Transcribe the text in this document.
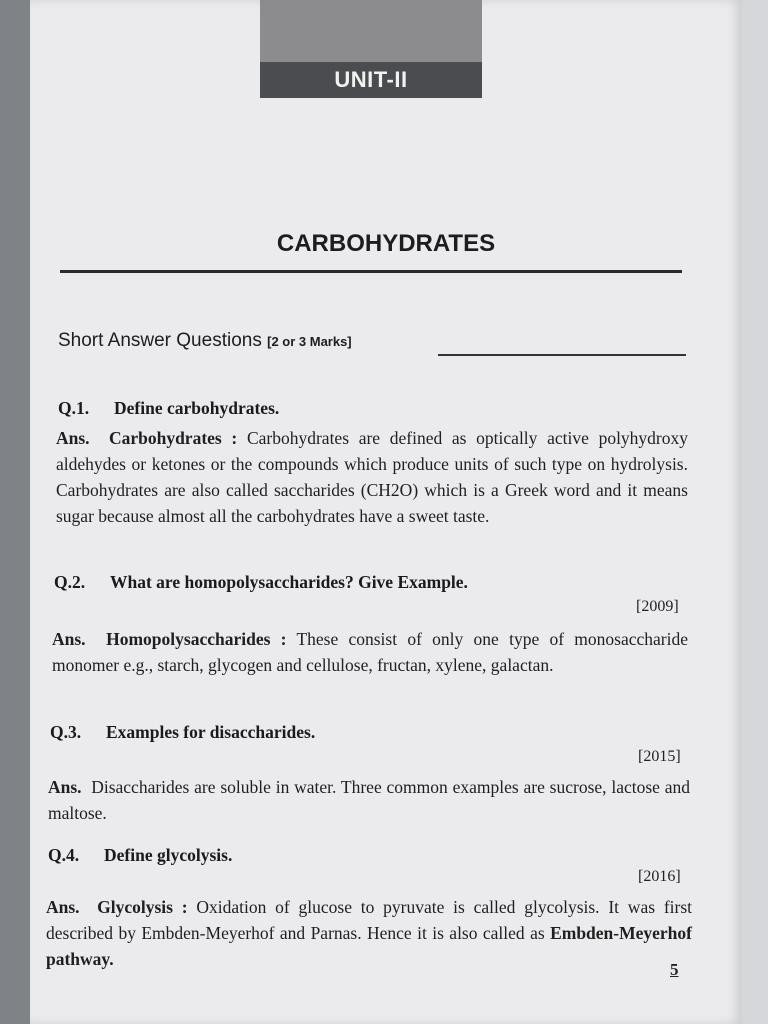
UNIT-II
CARBOHYDRATES
Short Answer Questions [2 or 3 Marks]
Q.1. Define carbohydrates.
Ans. Carbohydrates : Carbohydrates are defined as optically active polyhydroxy aldehydes or ketones or the compounds which produce units of such type on hydrolysis. Carbohydrates are also called saccharides (CH2O) which is a Greek word and it means sugar because almost all the carbohydrates have a sweet taste.
Q.2. What are homopolysaccharides? Give Example.
[2009]
Ans. Homopolysaccharides : These consist of only one type of monosaccharide monomer e.g., starch, glycogen and cellulose, fructan, xylene, galactan.
Q.3. Examples for disaccharides.
[2015]
Ans. Disaccharides are soluble in water. Three common examples are sucrose, lactose and maltose.
Q.4. Define glycolysis.
[2016]
Ans. Glycolysis : Oxidation of glucose to pyruvate is called glycolysis. It was first described by Embden-Meyerhof and Parnas. Hence it is also called as Embden-Meyerhof pathway.
5
